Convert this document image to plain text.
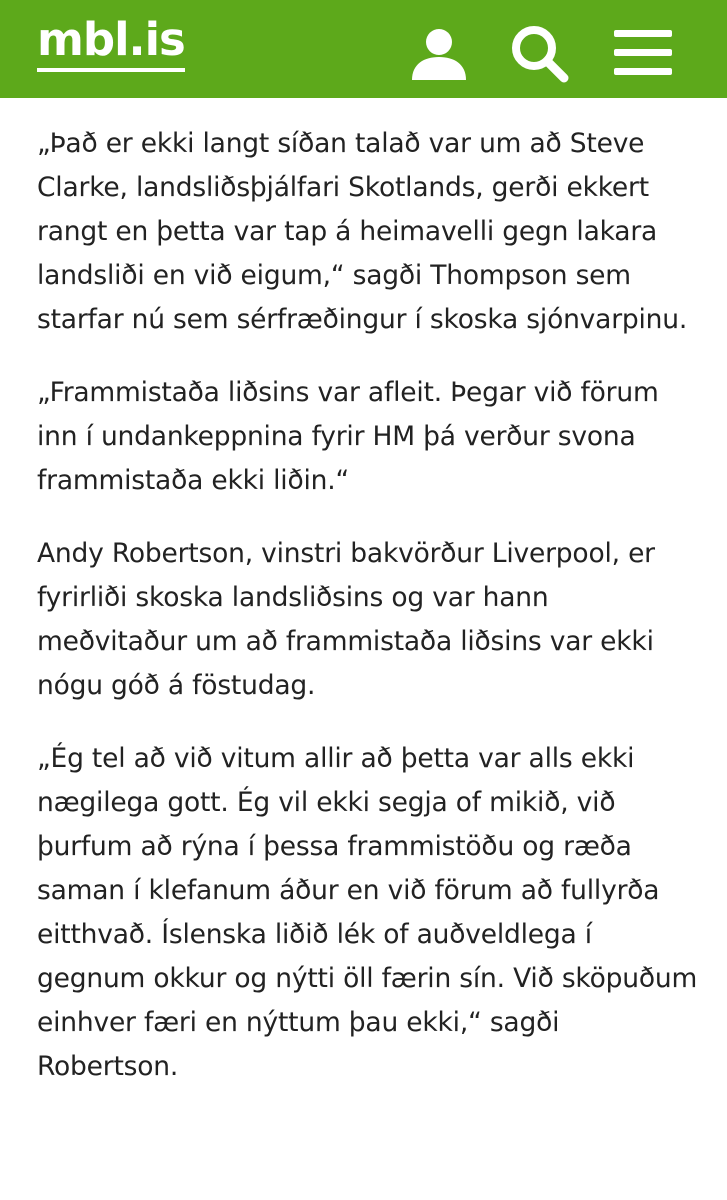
mbl.is

„Það er ekki langt síðan talað var um að Steve Clarke, landsliðsþjálfari Skotlands, gerði ekkert rangt en þetta var tap á heimavelli gegn lakara landsliði en við eigum,“ sagði Thompson sem starfar nú sem sérfræðingur í skoska sjónvarpinu.

„Frammistaða liðsins var afleit. Þegar við förum inn í undankeppnina fyrir HM þá verður svona frammistaða ekki liðin.“

Andy Robertson, vinstri bakvörður Liverpool, er fyrirliði skoska landsliðsins og var hann meðvitaður um að frammistaða liðsins var ekki nógu góð á föstudag.

„Ég tel að við vitum allir að þetta var alls ekki nægilega gott. Ég vil ekki segja of mikið, við þurfum að rýna í þessa frammistöðu og ræða saman í klefanum áður en við förum að fullyrða eitthvað. Íslenska liðið lék of auðveldlega í gegnum okkur og nýtti öll færin sín. Við sköpuðum einhver færi en nýttum þau ekki,“ sagði Robertson.
